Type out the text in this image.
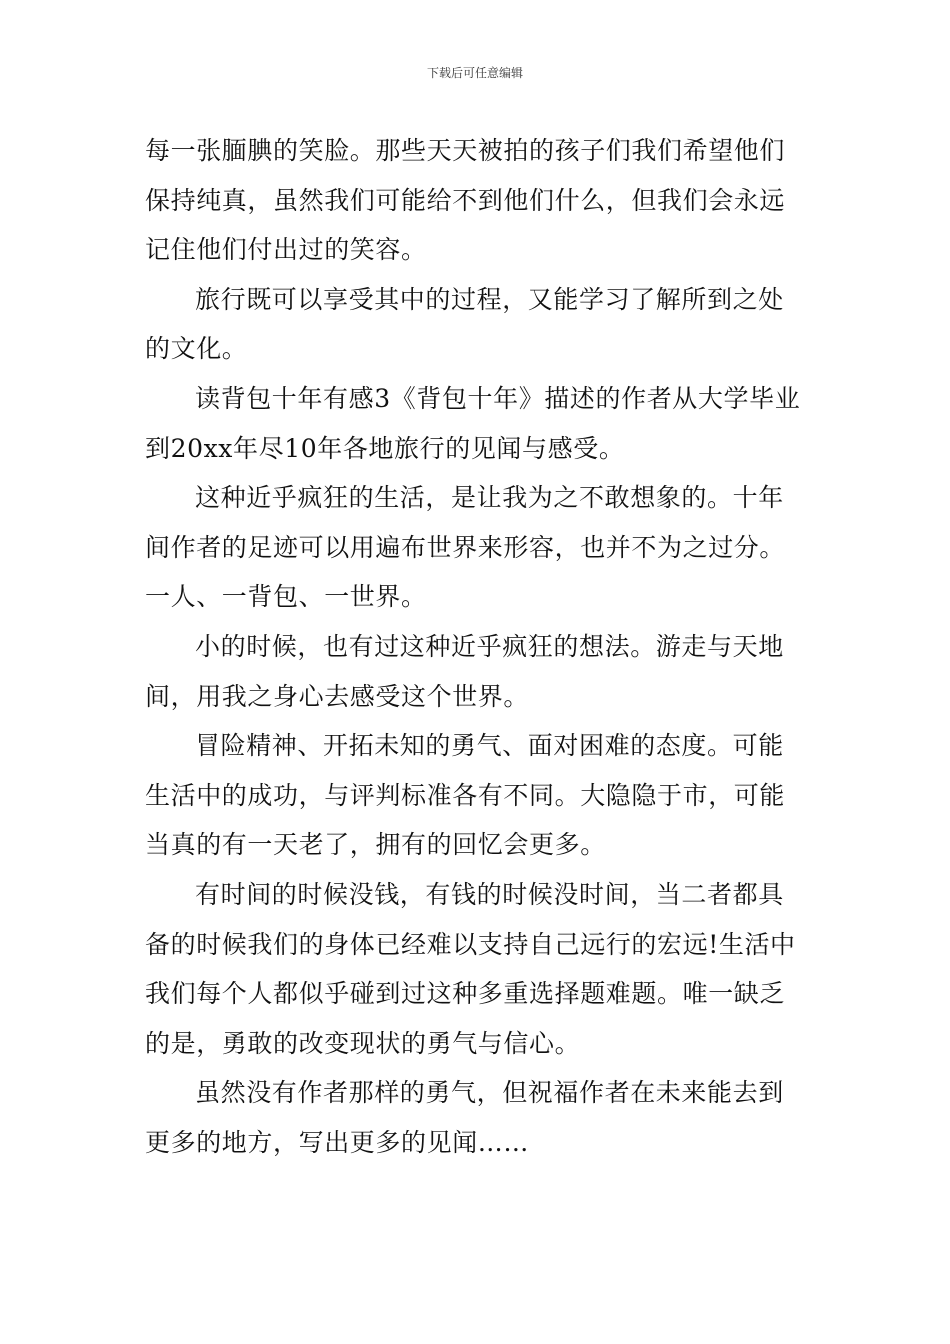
下载后可任意编辑

每一张腼腆的笑脸。那些天天被拍的孩子们我们希望他们
保持纯真，虽然我们可能给不到他们什么，但我们会永远
记住他们付出过的笑容。

旅行既可以享受其中的过程，又能学习了解所到之处
的文化。

读背包十年有感3《背包十年》描述的作者从大学毕业
到20xx年尽10年各地旅行的见闻与感受。

这种近乎疯狂的生活，是让我为之不敢想象的。十年
间作者的足迹可以用遍布世界来形容，也并不为之过分。
一人、一背包、一世界。

小的时候，也有过这种近乎疯狂的想法。游走与天地
间，用我之身心去感受这个世界。

冒险精神、开拓未知的勇气、面对困难的态度。可能
生活中的成功，与评判标准各有不同。大隐隐于市，可能
当真的有一天老了，拥有的回忆会更多。

有时间的时候没钱，有钱的时候没时间，当二者都具
备的时候我们的身体已经难以支持自己远行的宏远!生活中
我们每个人都似乎碰到过这种多重选择题难题。唯一缺乏
的是，勇敢的改变现状的勇气与信心。

虽然没有作者那样的勇气，但祝福作者在未来能去到
更多的地方，写出更多的见闻……
